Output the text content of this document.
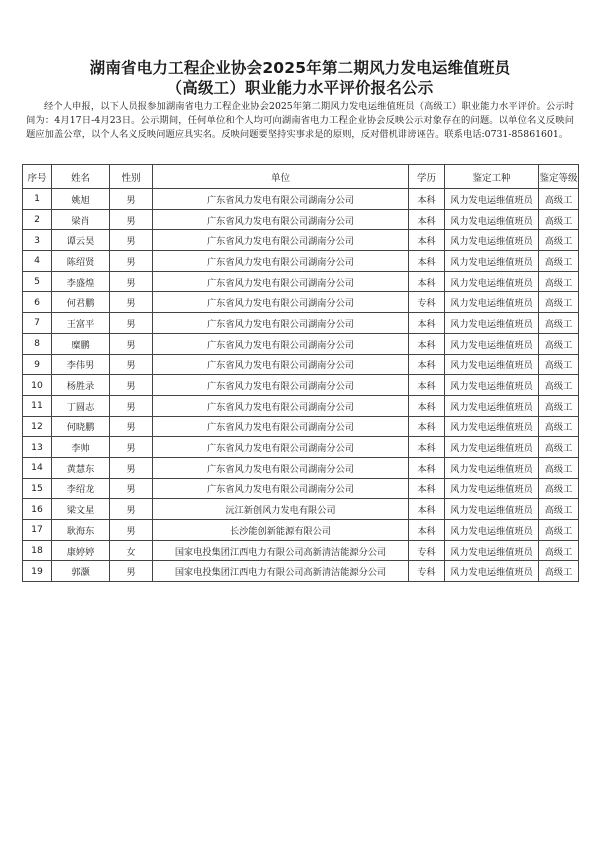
湖南省电力工程企业协会2025年第二期风力发电运维值班员
（高级工）职业能力水平评价报名公示
经个人申报，以下人员报参加湖南省电力工程企业协会2025年第二期风力发电运维值班员（高级工）职业能力水平评价。公示时间为：4月17日-4月23日。公示期间，任何单位和个人均可向湖南省电力工程企业协会反映公示对象存在的问题。以单位名义反映问题应加盖公章，以个人名义反映问题应具实名。反映问题要坚持实事求是的原则，反对借机诽谤诬告。联系电话:0731-85861601。
序号	姓名	性别	单位	学历	鉴定工种	鉴定等级
1	姚旭	男	广东省风力发电有限公司湖南分公司	本科	风力发电运维值班员	高级工
2	梁肖	男	广东省风力发电有限公司湖南分公司	本科	风力发电运维值班员	高级工
3	谭云昊	男	广东省风力发电有限公司湖南分公司	本科	风力发电运维值班员	高级工
4	陈绍贤	男	广东省风力发电有限公司湖南分公司	本科	风力发电运维值班员	高级工
5	李盛煌	男	广东省风力发电有限公司湖南分公司	本科	风力发电运维值班员	高级工
6	何君鹏	男	广东省风力发电有限公司湖南分公司	专科	风力发电运维值班员	高级工
7	王富平	男	广东省风力发电有限公司湖南分公司	本科	风力发电运维值班员	高级工
8	糜鹏	男	广东省风力发电有限公司湖南分公司	本科	风力发电运维值班员	高级工
9	李伟男	男	广东省风力发电有限公司湖南分公司	本科	风力发电运维值班员	高级工
10	杨胜录	男	广东省风力发电有限公司湖南分公司	本科	风力发电运维值班员	高级工
11	丁圆志	男	广东省风力发电有限公司湖南分公司	本科	风力发电运维值班员	高级工
12	何晓鹏	男	广东省风力发电有限公司湖南分公司	本科	风力发电运维值班员	高级工
13	李帅	男	广东省风力发电有限公司湖南分公司	本科	风力发电运维值班员	高级工
14	黄慧东	男	广东省风力发电有限公司湖南分公司	本科	风力发电运维值班员	高级工
15	李绍龙	男	广东省风力发电有限公司湖南分公司	本科	风力发电运维值班员	高级工
16	梁文星	男	沅江新创风力发电有限公司	本科	风力发电运维值班员	高级工
17	耿海东	男	长沙能创新能源有限公司	本科	风力发电运维值班员	高级工
18	康婷婷	女	国家电投集团江西电力有限公司高新清洁能源分公司	专科	风力发电运维值班员	高级工
19	郭灏	男	国家电投集团江西电力有限公司高新清洁能源分公司	专科	风力发电运维值班员	高级工
